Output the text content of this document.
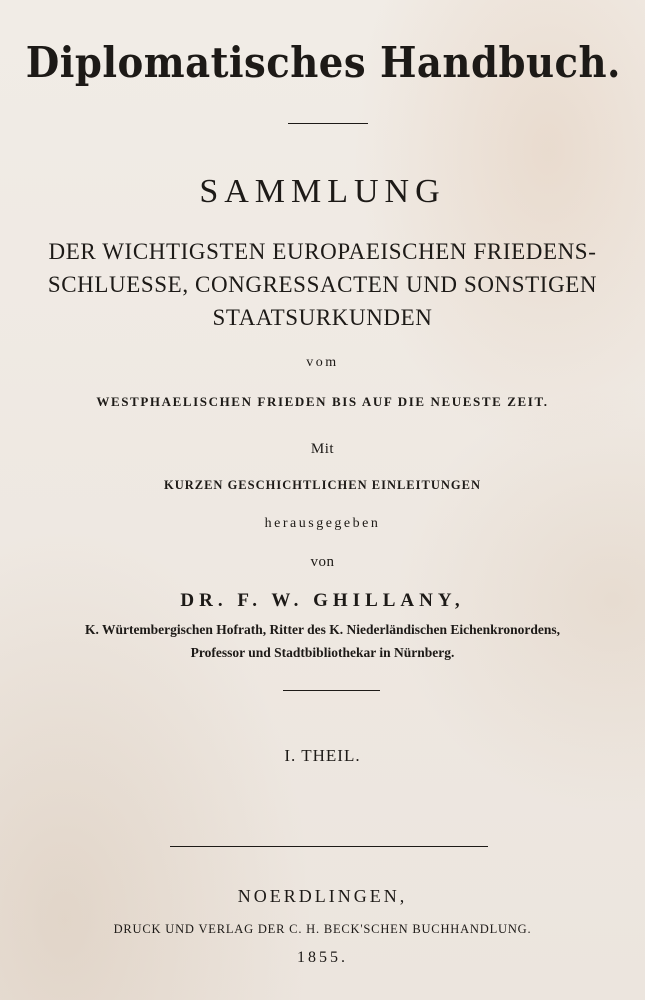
Diplomatisches Handbuch.
SAMMLUNG
DER WICHTIGSTEN EUROPAEISCHEN FRIEDENS-
SCHLUESSE, CONGRESSACTEN UND SONSTIGEN
STAATSURKUNDEN
vom
WESTPHAELISCHEN FRIEDEN BIS AUF DIE NEUESTE ZEIT.
Mit
KURZEN GESCHICHTLICHEN EINLEITUNGEN
herausgegeben
von
DR. F. W. GHILLANY,
K. Würtembergischen Hofrath, Ritter des K. Niederländischen Eichenkronordens,
Professor und Stadtbibliothekar in Nürnberg.
I. THEIL.
NOERDLINGEN,
DRUCK UND VERLAG DER C. H. BECK'SCHEN BUCHHANDLUNG.
1855.
